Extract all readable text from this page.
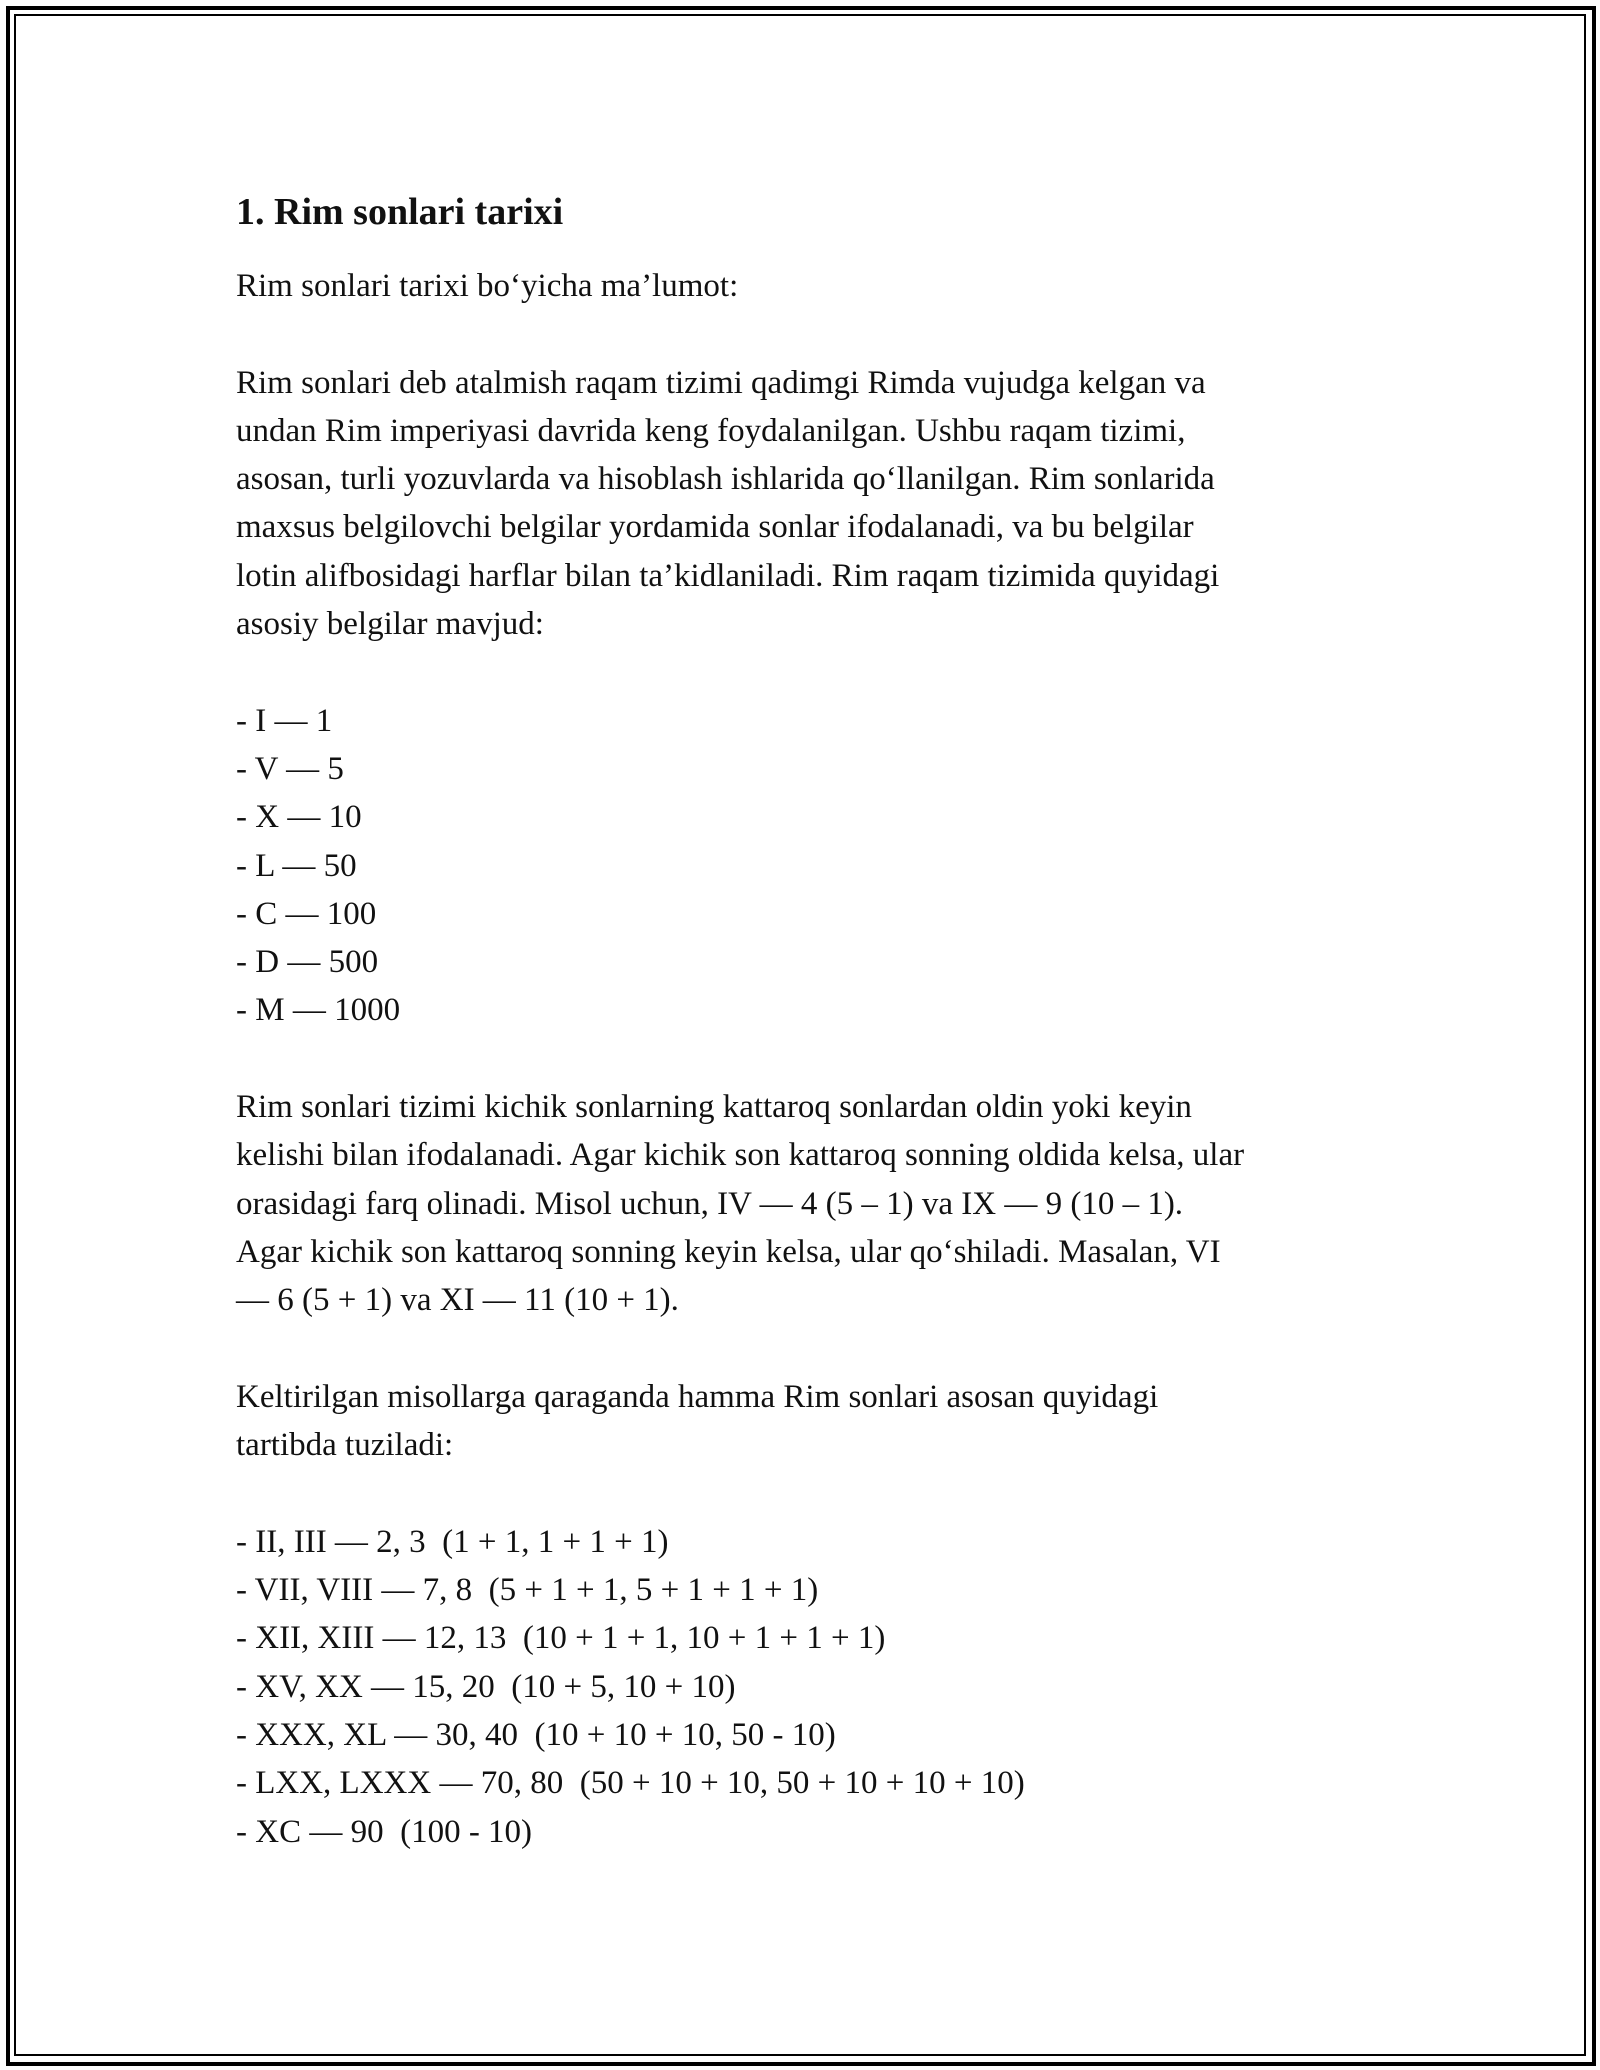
1. Rim sonlari tarixi

Rim sonlari tarixi bo‘yicha ma’lumot:

Rim sonlari deb atalmish raqam tizimi qadimgi Rimda vujudga kelgan va

undan Rim imperiyasi davrida keng foydalanilgan. Ushbu raqam tizimi,

asosan, turli yozuvlarda va hisoblash ishlarida qo‘llanilgan. Rim sonlarida

maxsus belgilovchi belgilar yordamida sonlar ifodalanadi, va bu belgilar

lotin alifbosidagi harflar bilan ta’kidlaniladi. Rim raqam tizimida quyidagi

asosiy belgilar mavjud:

- I — 1
- V — 5
- X — 10
- L — 50
- C — 100
- D — 500
- M — 1000

Rim sonlari tizimi kichik sonlarning kattaroq sonlardan oldin yoki keyin

kelishi bilan ifodalanadi. Agar kichik son kattaroq sonning oldida kelsa, ular

orasidagi farq olinadi. Misol uchun, IV — 4 (5 – 1) va IX — 9 (10 – 1).

Agar kichik son kattaroq sonning keyin kelsa, ular qo‘shiladi. Masalan, VI

— 6 (5 + 1) va XI — 11 (10 + 1).

Keltirilgan misollarga qaraganda hamma Rim sonlari asosan quyidagi

tartibda tuziladi:

- II, III — 2, 3  (1 + 1, 1 + 1 + 1)
- VII, VIII — 7, 8  (5 + 1 + 1, 5 + 1 + 1 + 1)
- XII, XIII — 12, 13  (10 + 1 + 1, 10 + 1 + 1 + 1)
- XV, XX — 15, 20  (10 + 5, 10 + 10)
- XXX, XL — 30, 40  (10 + 10 + 10, 50 - 10)
- LXX, LXXX — 70, 80  (50 + 10 + 10, 50 + 10 + 10 + 10)
- XC — 90  (100 - 10)
